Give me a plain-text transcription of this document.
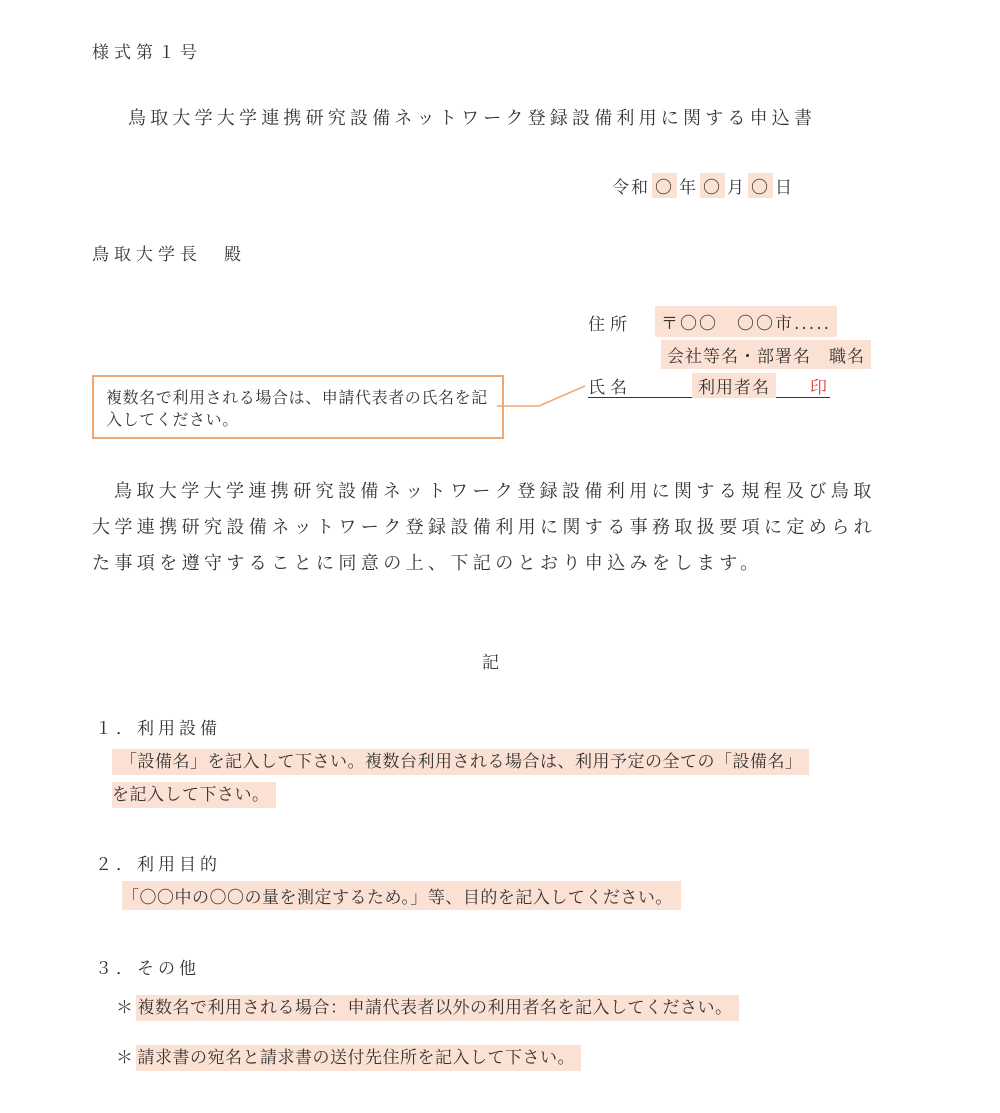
様式第１号
鳥取大学大学連携研究設備ネットワーク登録設備利用に関する申込書
令和 〇 年 〇 月 〇 日
鳥取大学長　殿
住所	〒〇〇　〇〇市.....
会社等名・部署名　職名
氏名	利用者名	印
複数名で利用される場合は、申請代表者の氏名を記入してください。
鳥取大学大学連携研究設備ネットワーク登録設備利用に関する規程及び鳥取大学連携研究設備ネットワーク登録設備利用に関する事務取扱要項に定められた事項を遵守することに同意の上、下記のとおり申込みをします。
記
１．利用設備
「設備名」を記入して下さい。複数台利用される場合は、利用予定の全ての「設備名」
を記入して下さい。
２．利用目的
「〇〇中の〇〇の量を測定するため。」等、目的を記入してください。
３．その他
＊ 複数名で利用される場合：申請代表者以外の利用者名を記入してください。
＊ 請求書の宛名と請求書の送付先住所を記入して下さい。
